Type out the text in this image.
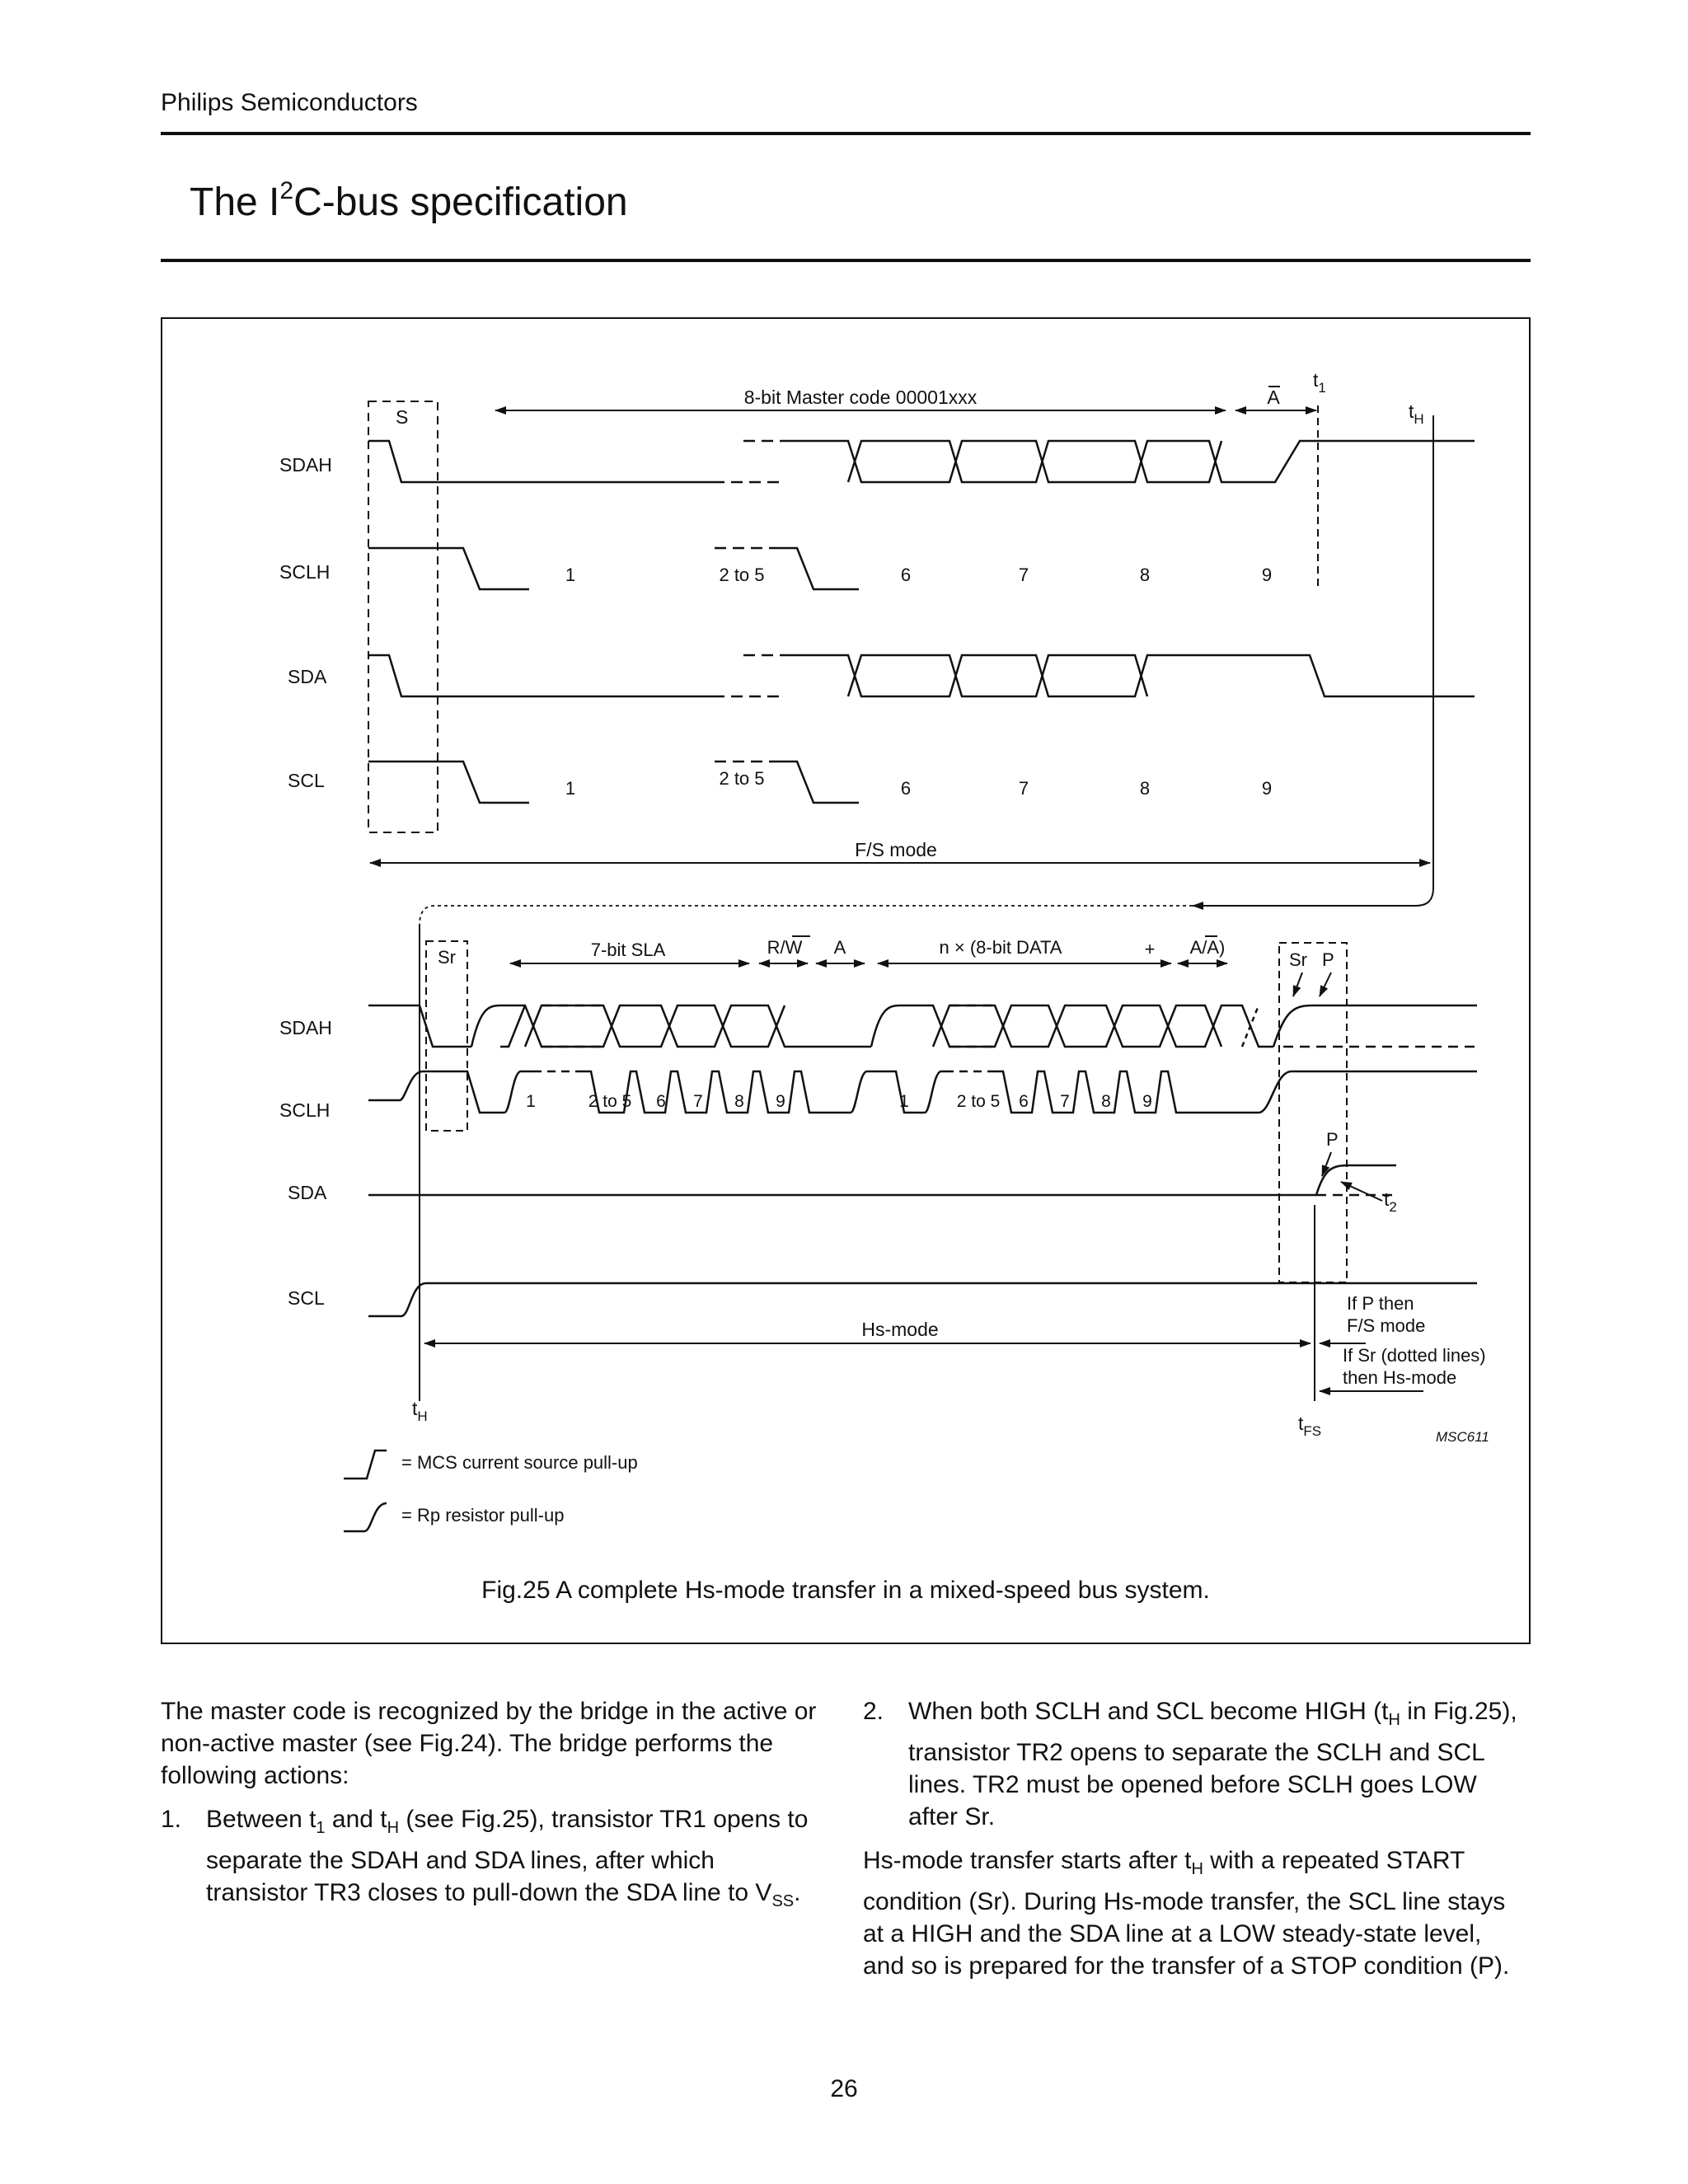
Philips Semiconductors
The $I^2C$-bus specification
SDAH
SCLH
SDA
SCL
S
8-bit Master code 00001xxx	A
$t_1$
$t_H$
1	2 to 5	6	7	8	9
1	2 to 5	6	7	8	9
F/S mode
SDAH
SCLH
SDA
SCL
Sr	7-bit SLA	R/W A	n × (8-bit DATA	+ A/A)
Sr P
1	2 to 5 6 7 8 9	1	2 to 5 6 7 8 9
P
$t_2$
Hs-mode
If P then
F/S mode
If Sr (dotted lines)
then Hs-mode
$t_H$	$t_{FS}$	MSC611
= MCS current source pull-up
= Rp resistor pull-up
Fig.25 A complete Hs-mode transfer in a mixed-speed bus system.

The master code is recognized by the bridge in the active or non-active master (see Fig.24). The bridge performs the following actions:

1. Between $t_1$ and $t_H$ (see Fig.25), transistor TR1 opens to separate the SDAH and SDA lines, after which transistor TR3 closes to pull-down the SDA line to $V_{SS}$.
2. When both SCLH and SCL become HIGH ($t_H$ in Fig.25), transistor TR2 opens to separate the SCLH and SCL lines. TR2 must be opened before SCLH goes LOW after Sr.

Hs-mode transfer starts after $t_H$ with a repeated START condition (Sr). During Hs-mode transfer, the SCL line stays at a HIGH and the SDA line at a LOW steady-state level, and so is prepared for the transfer of a STOP condition (P).

26
